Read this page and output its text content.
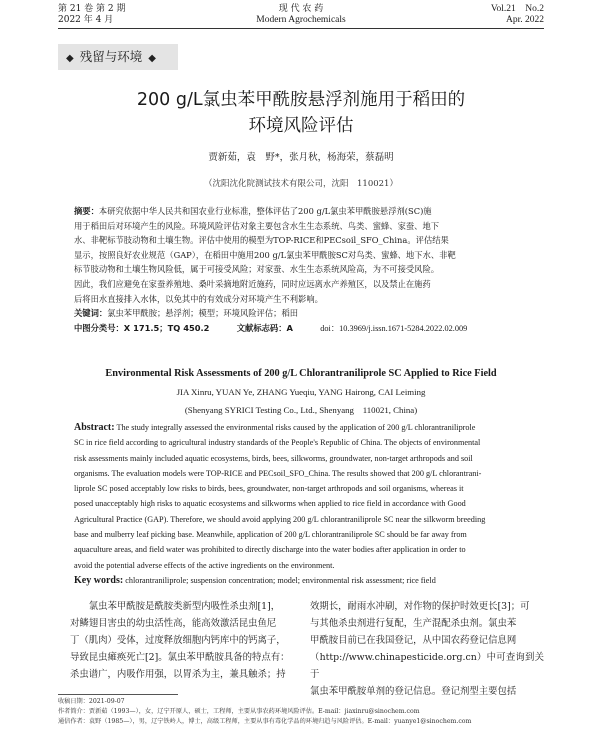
第 21 卷 第 2 期
2022 年 4 月
现 代 农 药
Modern Agrochemicals
Vol.21　No.2
Apr. 2022
◆ 残留与环境 ◆
200 g/L氯虫苯甲酰胺悬浮剂施用于稻田的
环境风险评估
贾新茹，袁　野*，张月秋，杨海荣，蔡磊明
（沈阳沈化院测试技术有限公司，沈阳　110021）
摘要：本研究依据中华人民共和国农业行业标准，整体评估了200 g/L氯虫苯甲酰胺悬浮剂(SC)施
用于稻田后对环境产生的风险。环境风险评估对象主要包含水生生态系统、鸟类、蜜蜂、家蚕、地下
水、非靶标节肢动物和土壤生物。评估中使用的模型为TOP-RICE和PECsoil_SFO_China。评估结果
显示，按照良好农业规范（GAP），在稻田中施用200 g/L氯虫苯甲酰胺SC对鸟类、蜜蜂、地下水、非靶
标节肢动物和土壤生物风险低，属于可接受风险；对家蚕、水生生态系统风险高，为不可接受风险。
因此，我们应避免在家蚕养殖地、桑叶采摘地附近施药，同时应远离水产养殖区，以及禁止在施药
后将田水直接排入水体，以免其中的有效成分对环境产生不利影响。
关键词：氯虫苯甲酰胺；悬浮剂；模型；环境风险评估；稻田
中图分类号：X 171.5；TQ 450.2	文献标志码：A	doi：10.3969/j.issn.1671-5284.2022.02.009
Environmental Risk Assessments of 200 g/L Chlorantraniliprole SC Applied to Rice Field
JIA Xinru, YUAN Ye, ZHANG Yueqiu, YANG Hairong, CAI Leiming
(Shenyang SYRICI Testing Co., Ltd., Shenyang　110021, China)
Abstract: The study integrally assessed the environmental risks caused by the application of 200 g/L chlorantraniliprole
SC in rice field according to agricultural industry standards of the People's Republic of China. The objects of environmental
risk assessments mainly included aquatic ecosystems, birds, bees, silkworms, groundwater, non-target arthropods and soil
organisms. The evaluation models were TOP-RICE and PECsoil_SFO_China. The results showed that 200 g/L chlorantrani-
liprole SC posed acceptably low risks to birds, bees, groundwater, non-target arthropods and soil organisms, whereas it
posed unacceptably high risks to aquatic ecosystems and silkworms when applied to rice field in accordance with Good
Agricultural Practice (GAP). Therefore, we should avoid applying 200 g/L chlorantraniliprole SC near the silkworm breeding
base and mulberry leaf picking base. Meanwhile, application of 200 g/L chlorantraniliprole SC should be far away from
aquaculture areas, and field water was prohibited to directly discharge into the water bodies after application in order to
avoid the potential adverse effects of the active ingredients on the environment.
Key words: chlorantraniliprole; suspension concentration; model; environmental risk assessment; rice field
　　氯虫苯甲酰胺是酰胺类新型内吸性杀虫剂[1]，
对鳞翅目害虫的幼虫活性高，能高效激活昆虫鱼尼
丁（肌肉）受体，过度释放细胞内钙库中的钙离子，
导致昆虫瘫痪死亡[2]。氯虫苯甲酰胺具备的特点有：
杀虫谱广，内吸作用强，以胃杀为主，兼具触杀；持
效期长，耐雨水冲刷，对作物的保护时效更长[3]；可
与其他杀虫剂进行复配，生产混配杀虫剂。氯虫苯
甲酰胺目前已在我国登记，从中国农药登记信息网
（http://www.chinapesticide.org.cn）中可查询到关于
氯虫苯甲酰胺单剂的登记信息。登记剂型主要包括
收稿日期：2021-09-07
作者简介：贾新茹（1993—），女，辽宁开原人，硕士，工程师，主要从事农药环境风险评估。E-mail：jiaxinru@sinochem.com
通信作者：袁野（1985—），男，辽宁铁岭人，博士，高级工程师，主要从事有毒化学品的环境归趋与风险评估。E-mail：yuanye1@sinochem.com
